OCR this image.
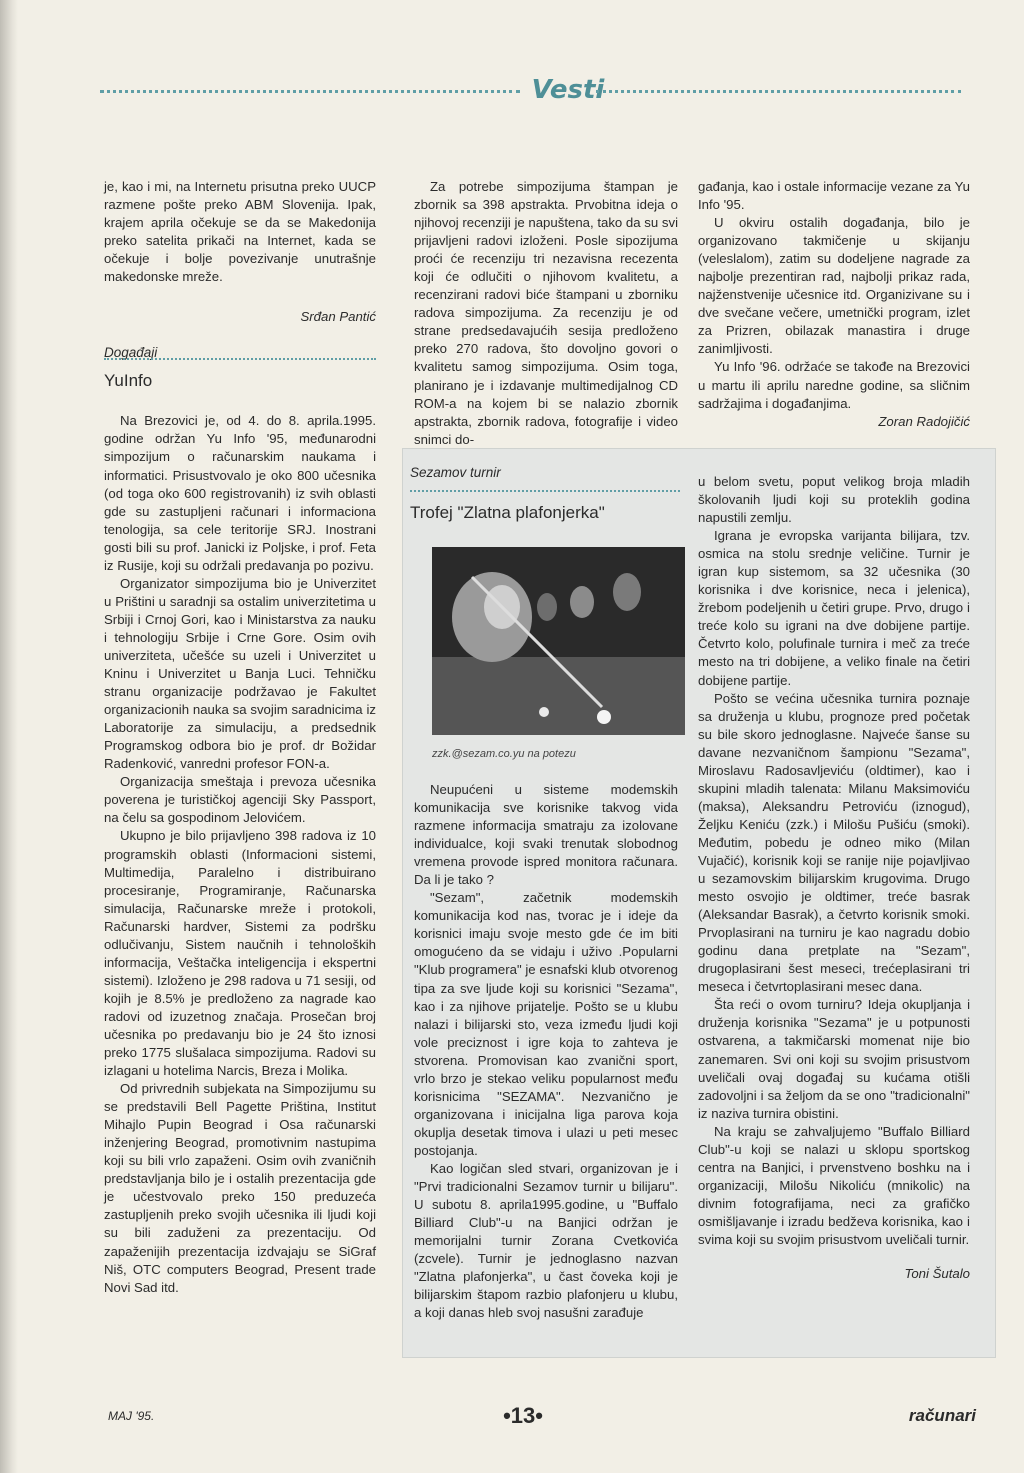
Vesti

je, kao i mi, na Internetu prisutna preko UUCP razmene pošte preko ABM Slovenija. Ipak, krajem aprila očekuje se da se Makedonija preko satelita prikači na Internet, kada se očekuje i bolje povezivanje unutrašnje makedonske mreže.

Srđan Pantić

Događaji
YuInfo

Na Brezovici je, od 4. do 8. aprila.1995. godine održan Yu Info '95, međunarodni simpozijum o računarskim naukama i informatici. Prisustvovalo je oko 800 učesnika (od toga oko 600 registrovanih) iz svih oblasti gde su zastupljeni računari i informaciona tenologija, sa cele teritorije SRJ. Inostrani gosti bili su prof. Janicki iz Poljske, i prof. Feta iz Rusije, koji su održali predavanja po pozivu.

Organizator simpozijuma bio je Univerzitet u Prištini u saradnji sa ostalim univerzitetima u Srbiji i Crnoj Gori, kao i Ministarstva za nauku i tehnologiju Srbije i Crne Gore. Osim ovih univerziteta, učešće su uzeli i Univerzitet u Kninu i Univerzitet u Banja Luci. Tehničku stranu organizacije podržavao je Fakultet organizacionih nauka sa svojim saradnicima iz Laboratorije za simulaciju, a predsednik Programskog odbora bio je prof. dr Božidar Radenković, vanredni profesor FON-a.

Organizacija smeštaja i prevoza učesnika poverena je turističkoj agenciji Sky Passport, na čelu sa gospodinom Jelovićem.

Ukupno je bilo prijavljeno 398 radova iz 10 programskih oblasti (Informacioni sistemi, Multimedija, Paralelno i distribuirano procesiranje, Programiranje, Računarska simulacija, Računarske mreže i protokoli, Računarski hardver, Sistemi za podršku odlučivanju, Sistem naučnih i tehnoloških informacija, Veštačka inteligencija i ekspertni sistemi). Izloženo je 298 radova u 71 sesiji, od kojih je 8.5% je predloženo za nagrade kao radovi od izuzetnog značaja. Prosečan broj učesnika po predavanju bio je 24 što iznosi preko 1775 slušalaca simpozijuma. Radovi su izlagani u hotelima Narcis, Breza i Molika.

Od privrednih subjekata na Simpozijumu su se predstavili Bell Pagette Priština, Institut Mihajlo Pupin Beograd i Osa računarski inženjering Beograd, promotivnim nastupima koji su bili vrlo zapaženi. Osim ovih zvaničnih predstavljanja bilo je i ostalih prezentacija gde je učestvovalo preko 150 preduzeća zastupljenih preko svojih učesnika ili ljudi koji su bili zaduženi za prezentaciju. Od zapaženijih prezentacija izdvajaju se SiGraf Niš, OTC computers Beograd, Present trade Novi Sad itd.

Za potrebe simpozijuma štampan je zbornik sa 398 apstrakta. Prvobitna ideja o njihovoj recenziji je napuštena, tako da su svi prijavljeni radovi izloženi. Posle sipozijuma proći će recenziju tri nezavisna recezenta koji će odlučiti o njihovom kvalitetu, a recenzirani radovi biće štampani u zborniku radova simpozijuma. Za recenziju je od strane predsedavajućih sesija predloženo preko 270 radova, što dovoljno govori o kvalitetu samog simpozijuma. Osim toga, planirano je i izdavanje multimedijalnog CD ROM-a na kojem bi se nalazio zbornik apstrakta, zbornik radova, fotografije i video snimci do-

gađanja, kao i ostale informacije vezane za Yu Info '95.

U okviru ostalih događanja, bilo je organizovano takmičenje u skijanju (veleslalom), zatim su dodeljene nagrade za najbolje prezentiran rad, najbolji prikaz rada, najženstvenije učesnice itd. Organizivane su i dve svečane večere, umetnički program, izlet za Prizren, obilazak manastira i druge zanimljivosti.

Yu Info '96. održaće se takođe na Brezovici u martu ili aprilu naredne godine, sa sličnim sadržajima i događanjima.

Zoran Radojičić

Sezamov turnir
Trofej "Zlatna plafonjerka"
zzk.@sezam.co.yu na potezu

Neupućeni u sisteme modemskih komunikacija sve korisnike takvog vida razmene informacija smatraju za izolovane individualce, koji svaki trenutak slobodnog vremena provode ispred monitora računara. Da li je tako ?

"Sezam", začetnik modemskih komunikacija kod nas, tvorac je i ideje da korisnici imaju svoje mesto gde će im biti omogućeno da se vidaju i uživo .Popularni "Klub programera" je esnafski klub otvorenog tipa za sve ljude koji su korisnici "Sezama", kao i za njihove prijatelje. Pošto se u klubu nalazi i bilijarski sto, veza između ljudi koji vole preciznost i igre koja to zahteva je stvorena. Promovisan kao zvanični sport, vrlo brzo je stekao veliku popularnost među korisnicima "SEZAMA". Nezvanično je organizovana i inicijalna liga parova koja okuplja desetak timova i ulazi u peti mesec postojanja.

Kao logičan sled stvari, organizovan je i "Prvi tradicionalni Sezamov turnir u bilijaru". U subotu 8. aprila1995.godine, u "Buffalo Billiard Club"-u na Banjici održan je memorijalni turnir Zorana Cvetkovića (zcvele). Turnir je jednoglasno nazvan "Zlatna plafonjerka", u čast čoveka koji je bilijarskim štapom razbio plafonjeru u klubu, a koji danas hleb svoj nasušni zarađuje

u belom svetu, poput velikog broja mladih školovanih ljudi koji su proteklih godina napustili zemlju.

Igrana je evropska varijanta bilijara, tzv. osmica na stolu srednje veličine. Turnir je igran kup sistemom, sa 32 učesnika (30 korisnika i dve korisnice, neca i jelenica), žrebom podeljenih u četiri grupe. Prvo, drugo i treće kolo su igrani na dve dobijene partije. Četvrto kolo, polufinale turnira i meč za treće mesto na tri dobijene, a veliko finale na četiri dobijene partije.

Pošto se većina učesnika turnira poznaje sa druženja u klubu, prognoze pred početak su bile skoro jednoglasne. Najveće šanse su davane nezvaničnom šampionu "Sezama", Miroslavu Radosavljeviću (oldtimer), kao i skupini mladih talenata: Milanu Maksimoviću (maksa), Aleksandru Petroviću (iznogud), Željku Keniću (zzk.) i Milošu Pušiću (smoki). Međutim, pobedu je odneo miko (Milan Vujačić), korisnik koji se ranije nije pojavljivao u sezamovskim bilijarskim krugovima. Drugo mesto osvojio je oldtimer, treće basrak (Aleksandar Basrak), a četvrto korisnik smoki. Prvoplasirani na turniru je kao nagradu dobio godinu dana pretplate na "Sezam", drugoplasirani šest meseci, trećeplasirani tri meseca i četvrtoplasirani mesec dana.

Šta reći o ovom turniru? Ideja okupljanja i druženja korisnika "Sezama" je u potpunosti ostvarena, a takmičarski momenat nije bio zanemaren. Svi oni koji su svojim prisustvom uveličali ovaj događaj su kućama otišli zadovoljni i sa željom da se ono "tradicionalni" iz naziva turnira obistini.

Na kraju se zahvaljujemo "Buffalo Billiard Club"-u koji se nalazi u sklopu sportskog centra na Banjici, i prvenstveno boshku na i organizaciji, Milošu Nikoliću (mnikolic) na divnim fotografijama, neci za grafičko osmišljavanje i izradu bedževa korisnika, kao i svima koji su svojim prisustvom uveličali turnir.

Toni Šutalo

MAJ '95.	•13•	računari
